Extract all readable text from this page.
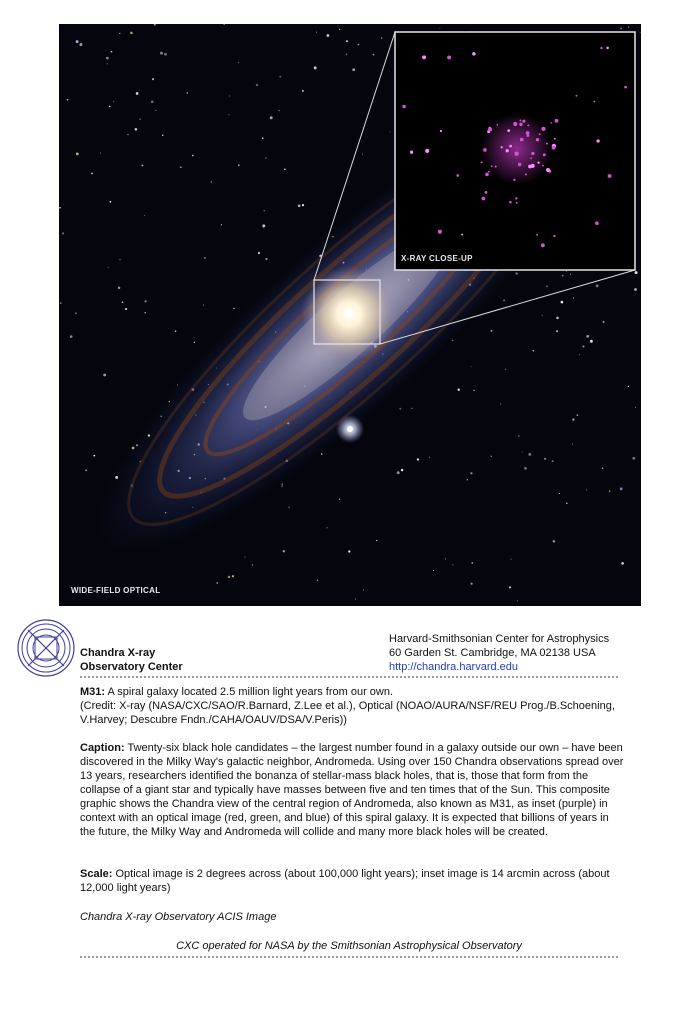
X-RAY CLOSE-UP
WIDE-FIELD OPTICAL
Chandra X-ray
Observatory Center
Harvard-Smithsonian Center for Astrophysics
60 Garden St. Cambridge, MA 02138 USA
http://chandra.harvard.edu
M31: A spiral galaxy located 2.5 million light years from our own.
(Credit: X-ray (NASA/CXC/SAO/R.Barnard, Z.Lee et al.), Optical (NOAO/AURA/NSF/REU Prog./B.Schoening, V.Harvey; Descubre Fndn./CAHA/OAUV/DSA/V.Peris))
Caption: Twenty-six black hole candidates – the largest number found in a galaxy outside our own – have been discovered in the Milky Way's galactic neighbor, Andromeda. Using over 150 Chandra observations spread over 13 years, researchers identified the bonanza of stellar-mass black holes, that is, those that form from the collapse of a giant star and typically have masses between five and ten times that of the Sun. This composite graphic shows the Chandra view of the central region of Andromeda, also known as M31, as inset (purple) in context with an optical image (red, green, and blue) of this spiral galaxy. It is expected that billions of years in the future, the Milky Way and Andromeda will collide and many more black holes will be created.
Scale: Optical image is 2 degrees across (about 100,000 light years); inset image is 14 arcmin across (about 12,000 light years)
Chandra X-ray Observatory ACIS Image
CXC operated for NASA by the Smithsonian Astrophysical Observatory
